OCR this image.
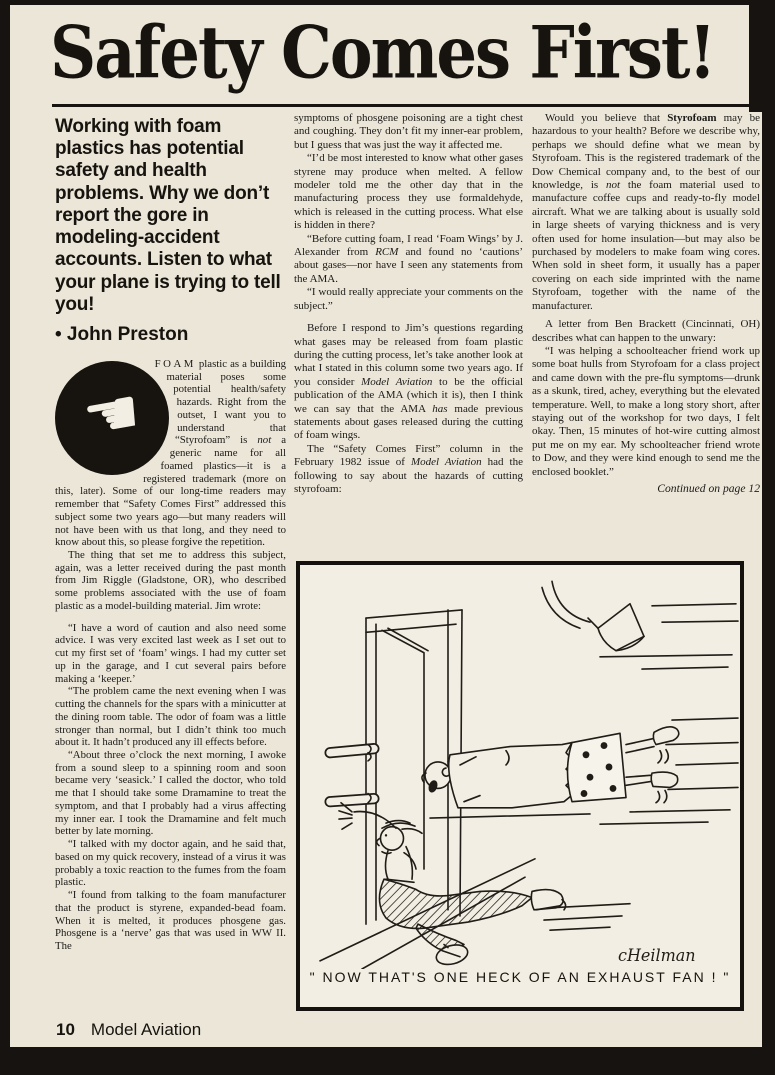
Safety Comes First!

Working with foam plastics has potential safety and health problems. Why we don’t report the gore in modeling-accident accounts. Listen to what your plane is trying to tell you!

• John Preston

☚

FOAM plastic as a building material poses some potential health/safety hazards. Right from the outset, I want you to understand that “Styrofoam” is not a generic name for all foamed plastics—it is a registered trademark (more on this, later). Some of our long-time readers may remember that “Safety Comes First” addressed this subject some two years ago—but many readers will not have been with us that long, and they need to know about this, so please forgive the repetition.

The thing that set me to address this subject, again, was a letter received during the past month from Jim Riggle (Gladstone, OR), who described some problems associated with the use of foam plastic as a model-building material. Jim wrote:

“I have a word of caution and also need some advice. I was very excited last week as I set out to cut my first set of ‘foam’ wings. I had my cutter set up in the garage, and I cut several pairs before making a ‘keeper.’

“The problem came the next evening when I was cutting the channels for the spars with a minicutter at the dining room table. The odor of foam was a little stronger than normal, but I didn’t think too much about it. It hadn’t produced any ill effects before.

“About three o’clock the next morning, I awoke from a sound sleep to a spinning room and soon became very ‘seasick.’ I called the doctor, who told me that I should take some Dramamine to treat the symptom, and that I probably had a virus affecting my inner ear. I took the Dramamine and felt much better by late morning.

“I talked with my doctor again, and he said that, based on my quick recovery, instead of a virus it was probably a toxic reaction to the fumes from the foam plastic.

“I found from talking to the foam manufacturer that the product is styrene, expanded-bead foam. When it is melted, it produces phosgene gas. Phosgene is a ‘nerve’ gas that was used in WW II. The

symptoms of phosgene poisoning are a tight chest and coughing. They don’t fit my inner-ear problem, but I guess that was just the way it affected me.

“I’d be most interested to know what other gases styrene may produce when melted. A fellow modeler told me the other day that in the manufacturing process they use formaldehyde, which is released in the cutting process. What else is hidden in there?

“Before cutting foam, I read ‘Foam Wings’ by J. Alexander from RCM and found no ‘cautions’ about gases—nor have I seen any statements from the AMA.

“I would really appreciate your comments on the subject.”

Before I respond to Jim’s questions regarding what gases may be released from foam plastic during the cutting process, let’s take another look at what I stated in this column some two years ago. If you consider Model Aviation to be the official publication of the AMA (which it is), then I think we can say that the AMA has made previous statements about gases released during the cutting of foam wings.

The “Safety Comes First” column in the February 1982 issue of Model Aviation had the following to say about the hazards of cutting styrofoam:

Would you believe that Styrofoam may be hazardous to your health? Before we describe why, perhaps we should define what we mean by Styrofoam. This is the registered trademark of the Dow Chemical company and, to the best of our knowledge, is not the foam material used to manufacture coffee cups and ready-to-fly model aircraft. What we are talking about is usually sold in large sheets of varying thickness and is very often used for home insulation—but may also be purchased by modelers to make foam wing cores. When sold in sheet form, it usually has a paper covering on each side imprinted with the name Styrofoam, together with the name of the manufacturer.

A letter from Ben Brackett (Cincinnati, OH) describes what can happen to the unwary:

“I was helping a schoolteacher friend work up some boat hulls from Styrofoam for a class project and came down with the pre-flu symptoms—drunk as a skunk, tired, achey, everything but the elevated temperature. Well, to make a long story short, after staying out of the workshop for two days, I felt okay. Then, 15 minutes of hot-wire cutting almost put me on my ear. My schoolteacher friend wrote to Dow, and they were kind enough to send me the enclosed booklet.”

Continued on page 12

cHeilman
" NOW THAT'S ONE HECK OF AN EXHAUST FAN ! "
10 Model Aviation
